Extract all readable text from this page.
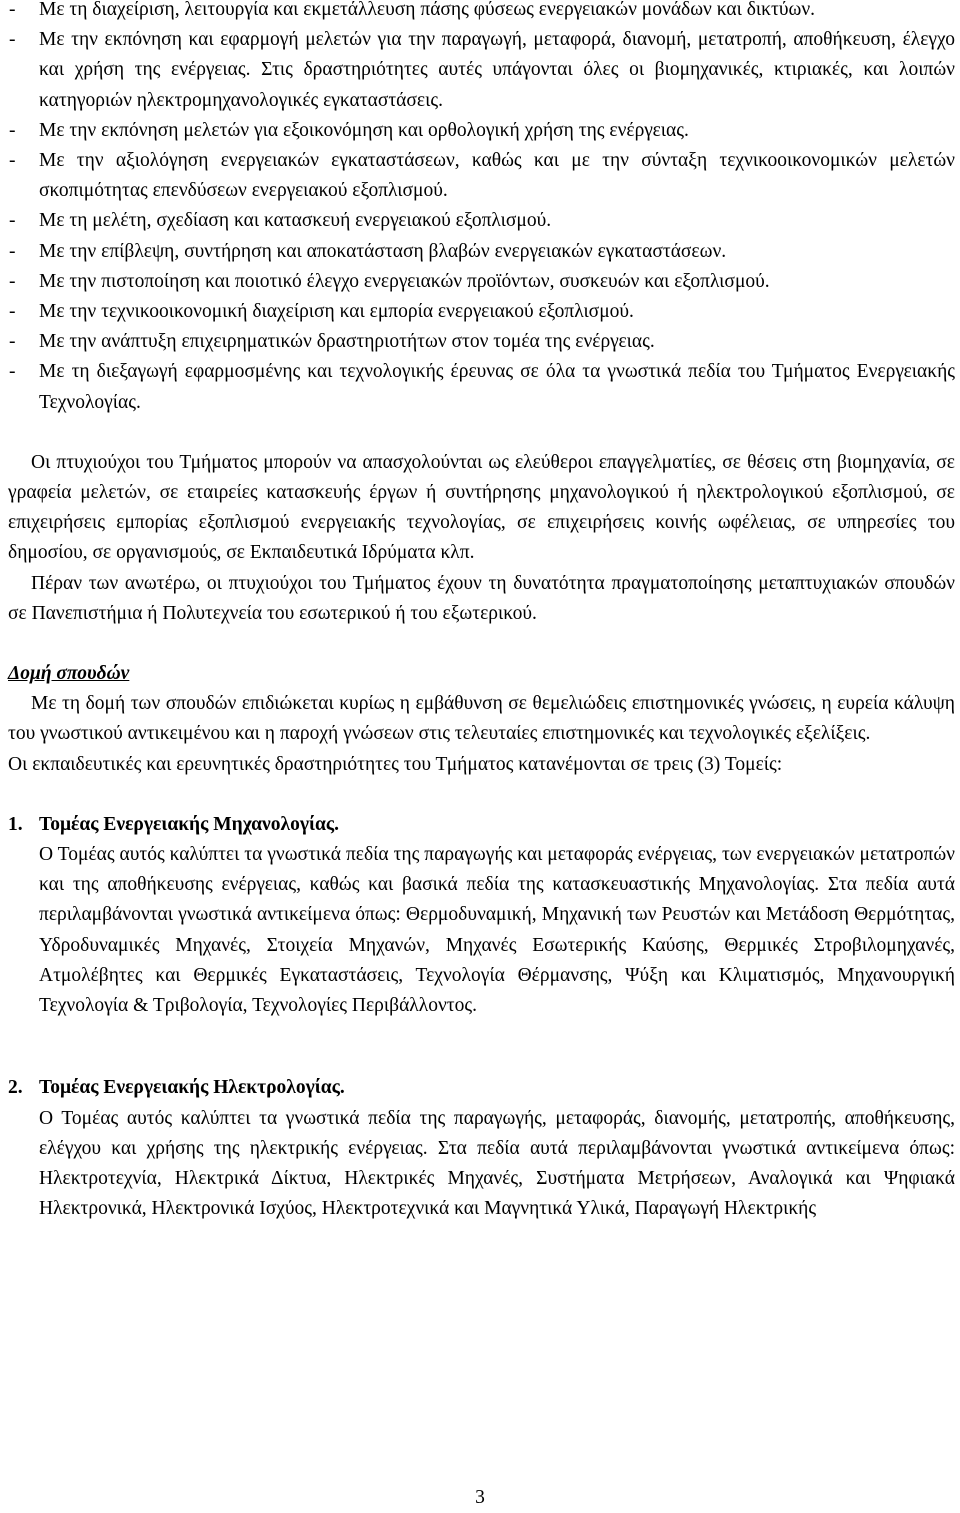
- Με τη διαχείριση, λειτουργία και εκμετάλλευση πάσης φύσεως ενεργειακών μονάδων και δικτύων.
- Με την εκπόνηση και εφαρμογή μελετών για την παραγωγή, μεταφορά, διανομή, μετατροπή, αποθήκευση, έλεγχο και χρήση της ενέργειας. Στις δραστηριότητες αυτές υπάγονται όλες οι βιομηχανικές, κτιριακές, και λοιπών κατηγοριών ηλεκτρομηχανολογικές εγκαταστάσεις.
- Με την εκπόνηση μελετών για εξοικονόμηση και ορθολογική χρήση της ενέργειας.
- Με την αξιολόγηση ενεργειακών εγκαταστάσεων, καθώς και με την σύνταξη τεχνικοοικονομικών μελετών σκοπιμότητας επενδύσεων ενεργειακού εξοπλισμού.
- Με τη μελέτη, σχεδίαση και κατασκευή ενεργειακού εξοπλισμού.
- Με την επίβλεψη, συντήρηση και αποκατάσταση βλαβών ενεργειακών εγκαταστάσεων.
- Με την πιστοποίηση και ποιοτικό έλεγχο ενεργειακών προϊόντων, συσκευών και εξοπλισμού.
- Με την τεχνικοοικονομική διαχείριση και εμπορία ενεργειακού εξοπλισμού.
- Με την ανάπτυξη επιχειρηματικών δραστηριοτήτων στον τομέα της ενέργειας.
- Με τη διεξαγωγή εφαρμοσμένης και τεχνολογικής έρευνας σε όλα τα γνωστικά πεδία του Τμήματος Ενεργειακής Τεχνολογίας.

Οι πτυχιούχοι του Τμήματος μπορούν να απασχολούνται ως ελεύθεροι επαγγελματίες, σε θέσεις στη βιομηχανία, σε γραφεία μελετών, σε εταιρείες κατασκευής έργων ή συντήρησης μηχανολογικού ή ηλεκτρολογικού εξοπλισμού, σε επιχειρήσεις εμπορίας εξοπλισμού ενεργειακής τεχνολογίας, σε επιχειρήσεις κοινής ωφέλειας, σε υπηρεσίες του δημοσίου, σε οργανισμούς, σε Εκπαιδευτικά Ιδρύματα κλπ.

Πέραν των ανωτέρω, οι πτυχιούχοι του Τμήματος έχουν τη δυνατότητα πραγματοποίησης μεταπτυχιακών σπουδών σε Πανεπιστήμια ή Πολυτεχνεία του εσωτερικού ή του εξωτερικού.

Δομή σπουδών

Με τη δομή των σπουδών επιδιώκεται κυρίως η εμβάθυνση σε θεμελιώδεις επιστημονικές γνώσεις, η ευρεία κάλυψη του γνωστικού αντικειμένου και η παροχή γνώσεων στις τελευταίες επιστημονικές και τεχνολογικές εξελίξεις.

Οι εκπαιδευτικές και ερευνητικές δραστηριότητες του Τμήματος κατανέμονται σε τρεις (3) Τομείς:

1. Τομέας Ενεργειακής Μηχανολογίας.

Ο Τομέας αυτός καλύπτει τα γνωστικά πεδία της παραγωγής και μεταφοράς ενέργειας, των ενεργειακών μετατροπών και της αποθήκευσης ενέργειας, καθώς και βασικά πεδία της κατασκευαστικής Μηχανολογίας. Στα πεδία αυτά περιλαμβάνονται γνωστικά αντικείμενα όπως: Θερμοδυναμική, Μηχανική των Ρευστών και Μετάδοση Θερμότητας, Υδροδυναμικές Μηχανές, Στοιχεία Μηχανών, Μηχανές Εσωτερικής Καύσης, Θερμικές Στροβιλομηχανές, Ατμολέβητες και Θερμικές Εγκαταστάσεις, Τεχνολογία Θέρμανσης, Ψύξη και Κλιματισμός, Μηχανουργική Τεχνολογία & Τριβολογία, Τεχνολογίες Περιβάλλοντος.

2. Τομέας Ενεργειακής Ηλεκτρολογίας.

Ο Τομέας αυτός καλύπτει τα γνωστικά πεδία της παραγωγής, μεταφοράς, διανομής, μετατροπής, αποθήκευσης, ελέγχου και χρήσης της ηλεκτρικής ενέργειας. Στα πεδία αυτά περιλαμβάνονται γνωστικά αντικείμενα όπως: Ηλεκτροτεχνία, Ηλεκτρικά Δίκτυα, Ηλεκτρικές Μηχανές, Συστήματα Μετρήσεων, Αναλογικά και Ψηφιακά Ηλεκτρονικά, Ηλεκτρονικά Ισχύος, Ηλεκτροτεχνικά και Μαγνητικά Υλικά, Παραγωγή Ηλεκτρικής

3
